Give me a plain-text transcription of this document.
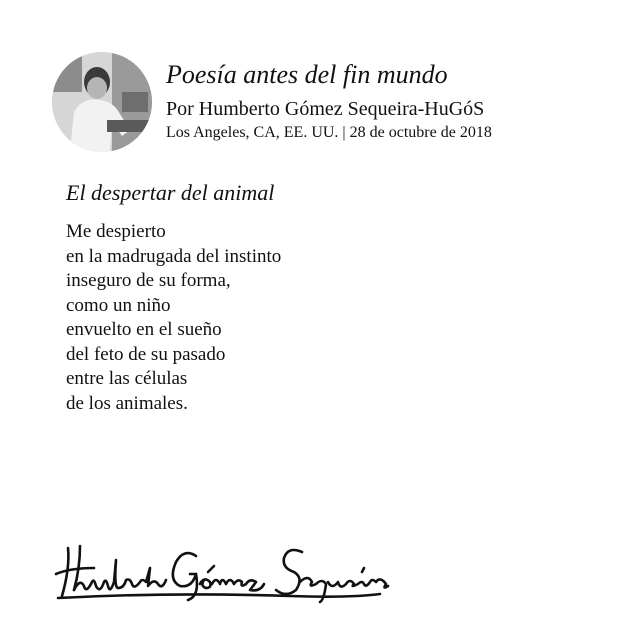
Poesía antes del fin mundo
Por Humberto Gómez Sequeira-HuGóS
Los Angeles, CA, EE. UU. | 28 de octubre de 2018
El despertar del animal
Me despierto
en la madrugada del instinto
inseguro de su forma,
como un niño
envuelto en el sueño
del feto de su pasado
entre las células
de los animales.
